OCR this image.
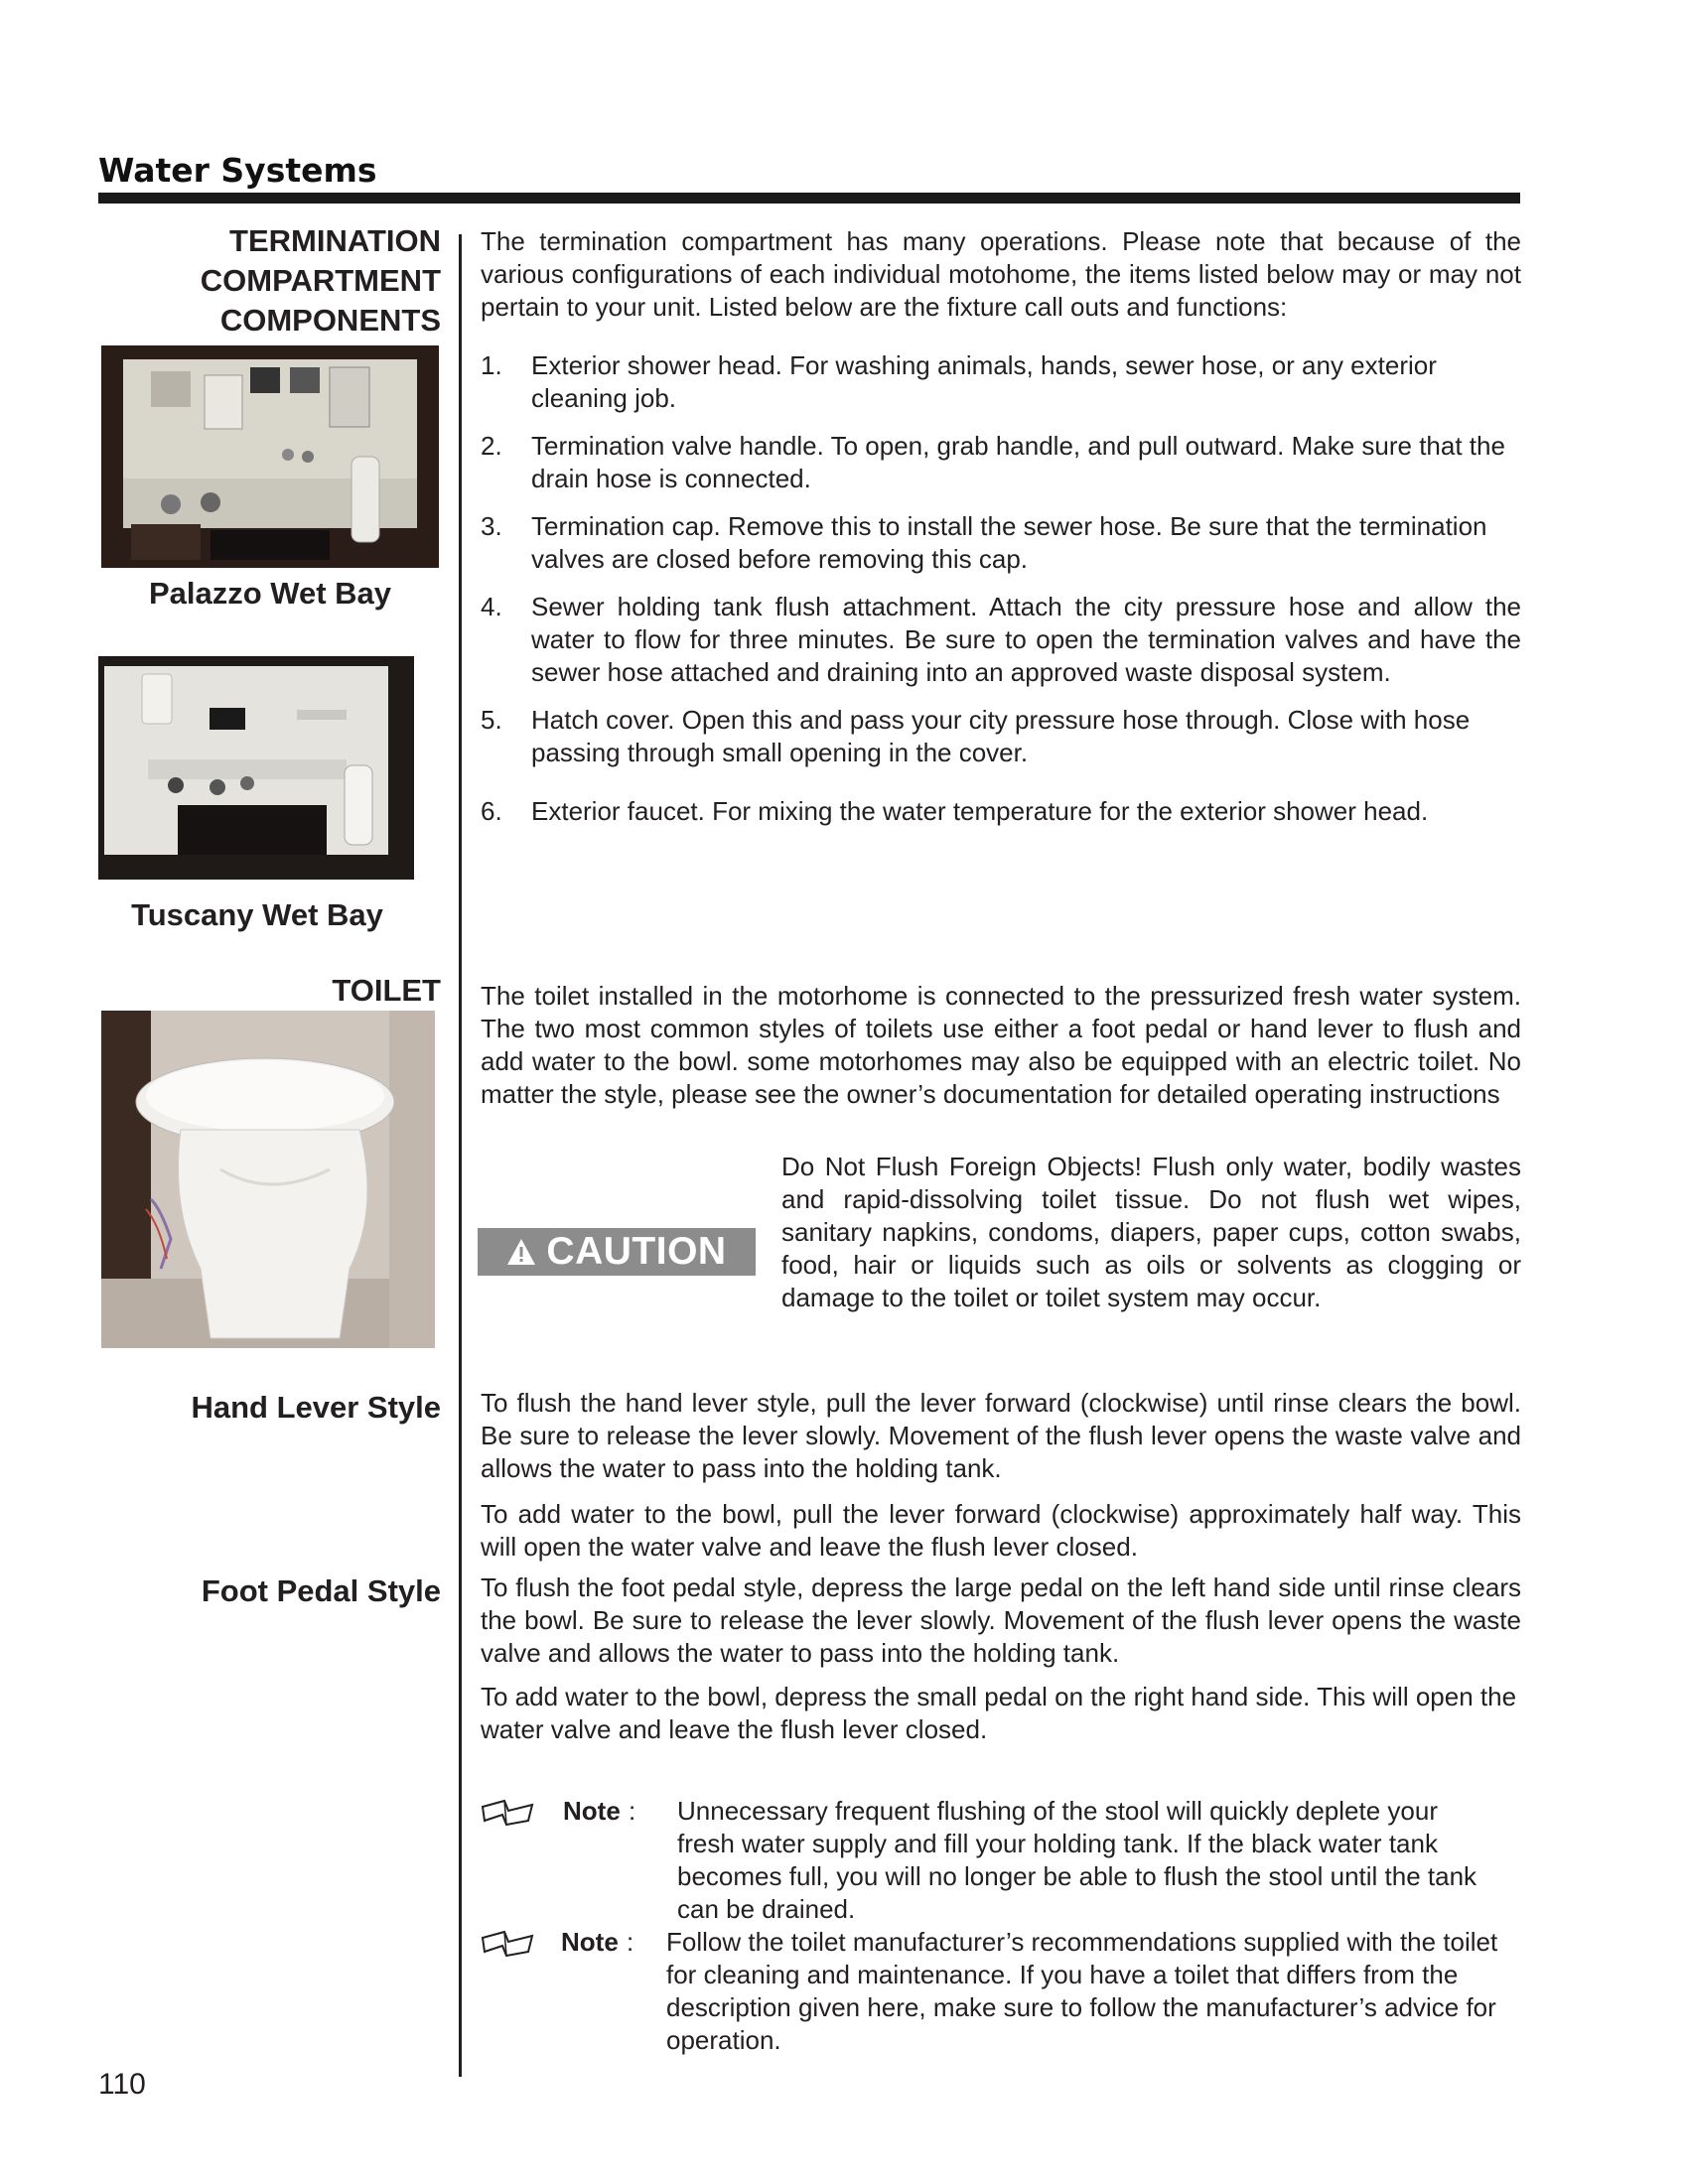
Water Systems
TERMINATION
COMPARTMENT
COMPONENTS
Palazzo Wet Bay
Tuscany Wet Bay
The termination compartment has many operations. Please note that because of the various configurations of each individual motohome, the items listed below may or may not pertain to your unit. Listed below are the fixture call outs and functions:
1. Exterior shower head. For washing animals, hands, sewer hose, or any exterior cleaning job.
2. Termination valve handle. To open, grab handle, and pull outward. Make sure that the drain hose is connected.
3. Termination cap. Remove this to install the sewer hose. Be sure that the termination valves are closed before removing this cap.
4. Sewer holding tank flush attachment. Attach the city pressure hose and allow the water to flow for three minutes. Be sure to open the termination valves and have the sewer hose attached and draining into an approved waste disposal system.
5. Hatch cover. Open this and pass your city pressure hose through. Close with hose passing through small opening in the cover.
6. Exterior faucet. For mixing the water temperature for the exterior shower head.
TOILET The toilet installed in the motorhome is connected to the pressurized fresh water system. The two most common styles of toilets use either a foot pedal or hand lever to flush and add water to the bowl. some motorhomes may also be equipped with an electric toilet. No matter the style, please see the owner’s documentation for detailed operating instructions
CAUTION
Do Not Flush Foreign Objects! Flush only water, bodily wastes and rapid-dissolving toilet tissue. Do not flush wet wipes, sanitary napkins, condoms, diapers, paper cups, cotton swabs, food, hair or liquids such as oils or solvents as clogging or damage to the toilet or toilet system may occur.
Hand Lever Style To flush the hand lever style, pull the lever forward (clockwise) until rinse clears the bowl. Be sure to release the lever slowly. Movement of the flush lever opens the waste valve and allows the water to pass into the holding tank.
To add water to the bowl, pull the lever forward (clockwise) approximately half way. This will open the water valve and leave the flush lever closed.
Foot Pedal Style To flush the foot pedal style, depress the large pedal on the left hand side until rinse clears the bowl. Be sure to release the lever slowly. Movement of the flush lever opens the waste valve and allows the water to pass into the holding tank.
To add water to the bowl, depress the small pedal on the right hand side. This will open the water valve and leave the flush lever closed.
Note : Unnecessary frequent flushing of the stool will quickly deplete your fresh water supply and fill your holding tank. If the black water tank becomes full, you will no longer be able to flush the stool until the tank can be drained.
Note : Follow the toilet manufacturer’s recommendations supplied with the toilet for cleaning and maintenance. If you have a toilet that differs from the description given here, make sure to follow the manufacturer’s advice for operation.
110
